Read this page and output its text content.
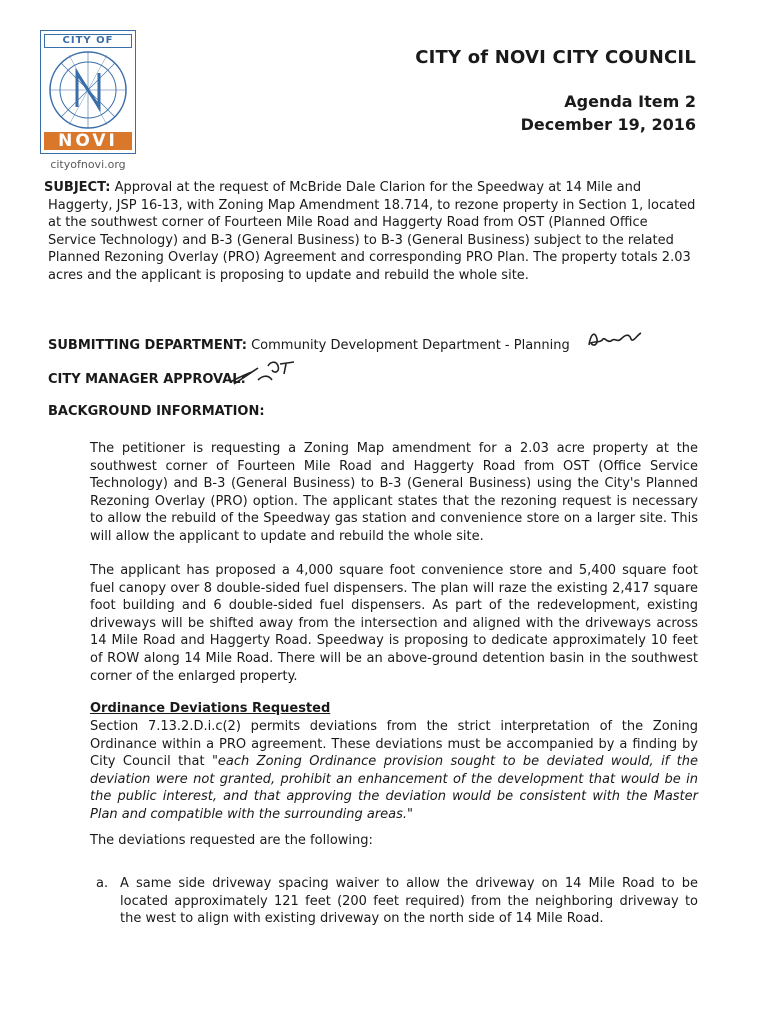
CITY OF
NOVI
cityofnovi.org
CITY of NOVI CITY COUNCIL
Agenda Item 2
December 19, 2016
SUBJECT: Approval at the request of McBride Dale Clarion for the Speedway at 14 Mile and Haggerty, JSP 16-13, with Zoning Map Amendment 18.714, to rezone property in Section 1, located at the southwest corner of Fourteen Mile Road and Haggerty Road from OST (Planned Office Service Technology) and B-3 (General Business) to B-3 (General Business) subject to the related Planned Rezoning Overlay (PRO) Agreement and corresponding PRO Plan. The property totals 2.03 acres and the applicant is proposing to update and rebuild the whole site.
SUBMITTING DEPARTMENT: Community Development Department - Planning
CITY MANAGER APPROVAL:
BACKGROUND INFORMATION:
The petitioner is requesting a Zoning Map amendment for a 2.03 acre property at the southwest corner of Fourteen Mile Road and Haggerty Road from OST (Office Service Technology) and B-3 (General Business) to B-3 (General Business) using the City's Planned Rezoning Overlay (PRO) option. The applicant states that the rezoning request is necessary to allow the rebuild of the Speedway gas station and convenience store on a larger site. This will allow the applicant to update and rebuild the whole site.
The applicant has proposed a 4,000 square foot convenience store and 5,400 square foot fuel canopy over 8 double-sided fuel dispensers. The plan will raze the existing 2,417 square foot building and 6 double-sided fuel dispensers. As part of the redevelopment, existing driveways will be shifted away from the intersection and aligned with the driveways across 14 Mile Road and Haggerty Road. Speedway is proposing to dedicate approximately 10 feet of ROW along 14 Mile Road. There will be an above-ground detention basin in the southwest corner of the enlarged property.
Ordinance Deviations Requested
Section 7.13.2.D.i.c(2) permits deviations from the strict interpretation of the Zoning Ordinance within a PRO agreement. These deviations must be accompanied by a finding by City Council that "each Zoning Ordinance provision sought to be deviated would, if the deviation were not granted, prohibit an enhancement of the development that would be in the public interest, and that approving the deviation would be consistent with the Master Plan and compatible with the surrounding areas."
The deviations requested are the following:
a. A same side driveway spacing waiver to allow the driveway on 14 Mile Road to be located approximately 121 feet (200 feet required) from the neighboring driveway to the west to align with existing driveway on the north side of 14 Mile Road.
